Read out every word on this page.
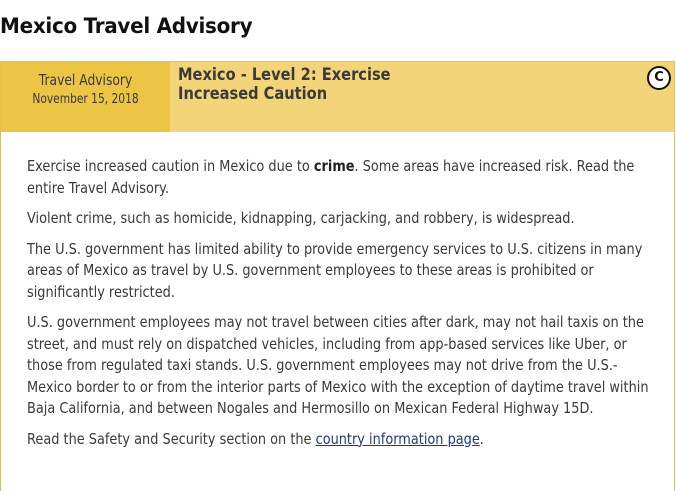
Mexico Travel Advisory
Travel Advisory
November 15, 2018
Mexico - Level 2: Exercise Increased Caution
C

Exercise increased caution in Mexico due to crime. Some areas have increased risk. Read the entire Travel Advisory.

Violent crime, such as homicide, kidnapping, carjacking, and robbery, is widespread.

The U.S. government has limited ability to provide emergency services to U.S. citizens in many areas of Mexico as travel by U.S. government employees to these areas is prohibited or significantly restricted.

U.S. government employees may not travel between cities after dark, may not hail taxis on the street, and must rely on dispatched vehicles, including from app-based services like Uber, or those from regulated taxi stands. U.S. government employees may not drive from the U.S.-Mexico border to or from the interior parts of Mexico with the exception of daytime travel within Baja California, and between Nogales and Hermosillo on Mexican Federal Highway 15D.

Read the Safety and Security section on the country information page.
